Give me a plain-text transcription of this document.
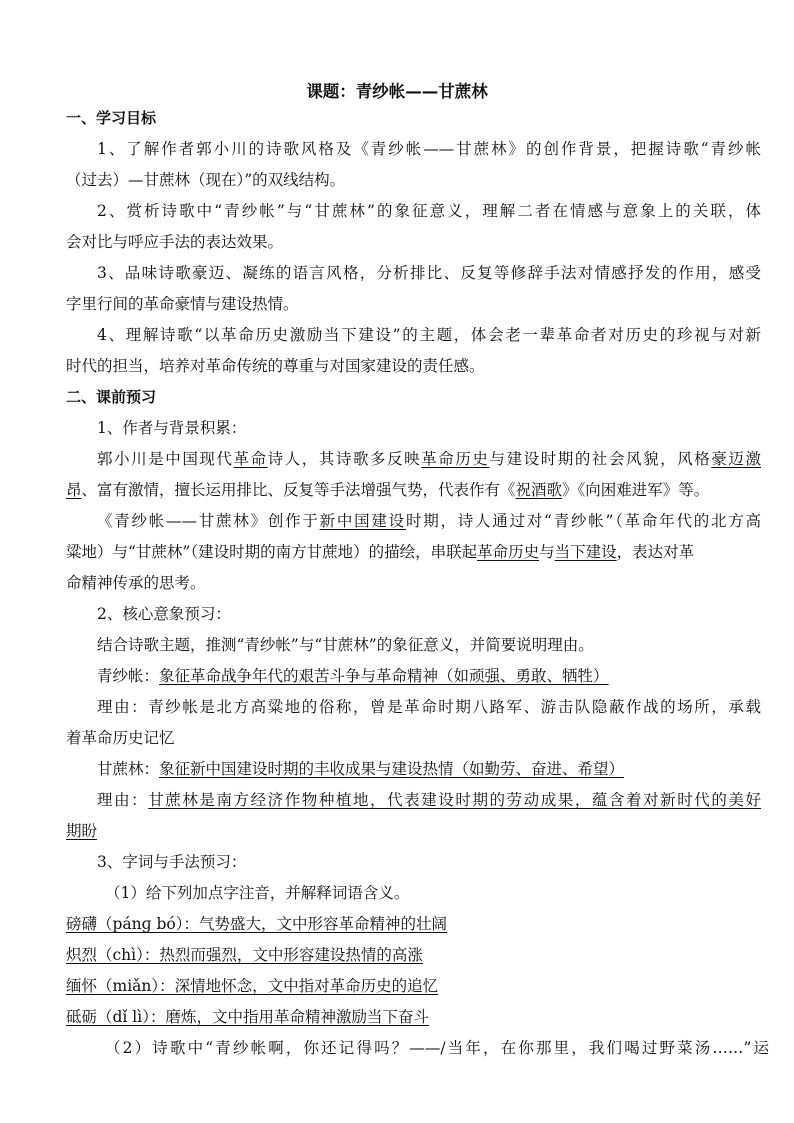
课题：青纱帐——甘蔗林
一、学习目标
1、了解作者郭小川的诗歌风格及《青纱帐——甘蔗林》的创作背景，把握诗歌“青纱帐
（过去）—甘蔗林（现在）”的双线结构。
2、赏析诗歌中“青纱帐”与“甘蔗林”的象征意义，理解二者在情感与意象上的关联，体
会对比与呼应手法的表达效果。
3、品味诗歌豪迈、凝练的语言风格，分析排比、反复等修辞手法对情感抒发的作用，感受
字里行间的革命豪情与建设热情。
4、理解诗歌“以革命历史激励当下建设”的主题，体会老一辈革命者对历史的珍视与对新
时代的担当，培养对革命传统的尊重与对国家建设的责任感。
二、课前预习
1、作者与背景积累：
郭小川是中国现代革命诗人，其诗歌多反映革命历史与建设时期的社会风貌，风格豪迈激
昂、富有激情，擅长运用排比、反复等手法增强气势，代表作有《祝酒歌》《向困难进军》等。
《青纱帐——甘蔗林》创作于新中国建设时期，诗人通过对“青纱帐”（革命年代的北方高
粱地）与“甘蔗林”（建设时期的南方甘蔗地）的描绘，串联起革命历史与当下建设，表达对革
命精神传承的思考。
2、核心意象预习：
结合诗歌主题，推测“青纱帐”与“甘蔗林”的象征意义，并简要说明理由。
青纱帐：象征革命战争年代的艰苦斗争与革命精神（如顽强、勇敢、牺牲）
理由：青纱帐是北方高粱地的俗称，曾是革命时期八路军、游击队隐蔽作战的场所，承载
着革命历史记忆
甘蔗林：象征新中国建设时期的丰收成果与建设热情（如勤劳、奋进、希望）
理由：甘蔗林是南方经济作物种植地，代表建设时期的劳动成果，蕴含着对新时代的美好
期盼
3、字词与手法预习：
（1）给下列加点字注音，并解释词语含义。
磅礴（pánɡ bó）：气势盛大，文中形容革命精神的壮阔
炽烈（chì）：热烈而强烈，文中形容建设热情的高涨
缅怀（miǎn）：深情地怀念，文中指对革命历史的追忆
砥砺（dǐ lì）：磨炼，文中指用革命精神激励当下奋斗
（2）诗歌中“青纱帐啊，你还记得吗？——/当年，在你那里，我们喝过野菜汤……”运
